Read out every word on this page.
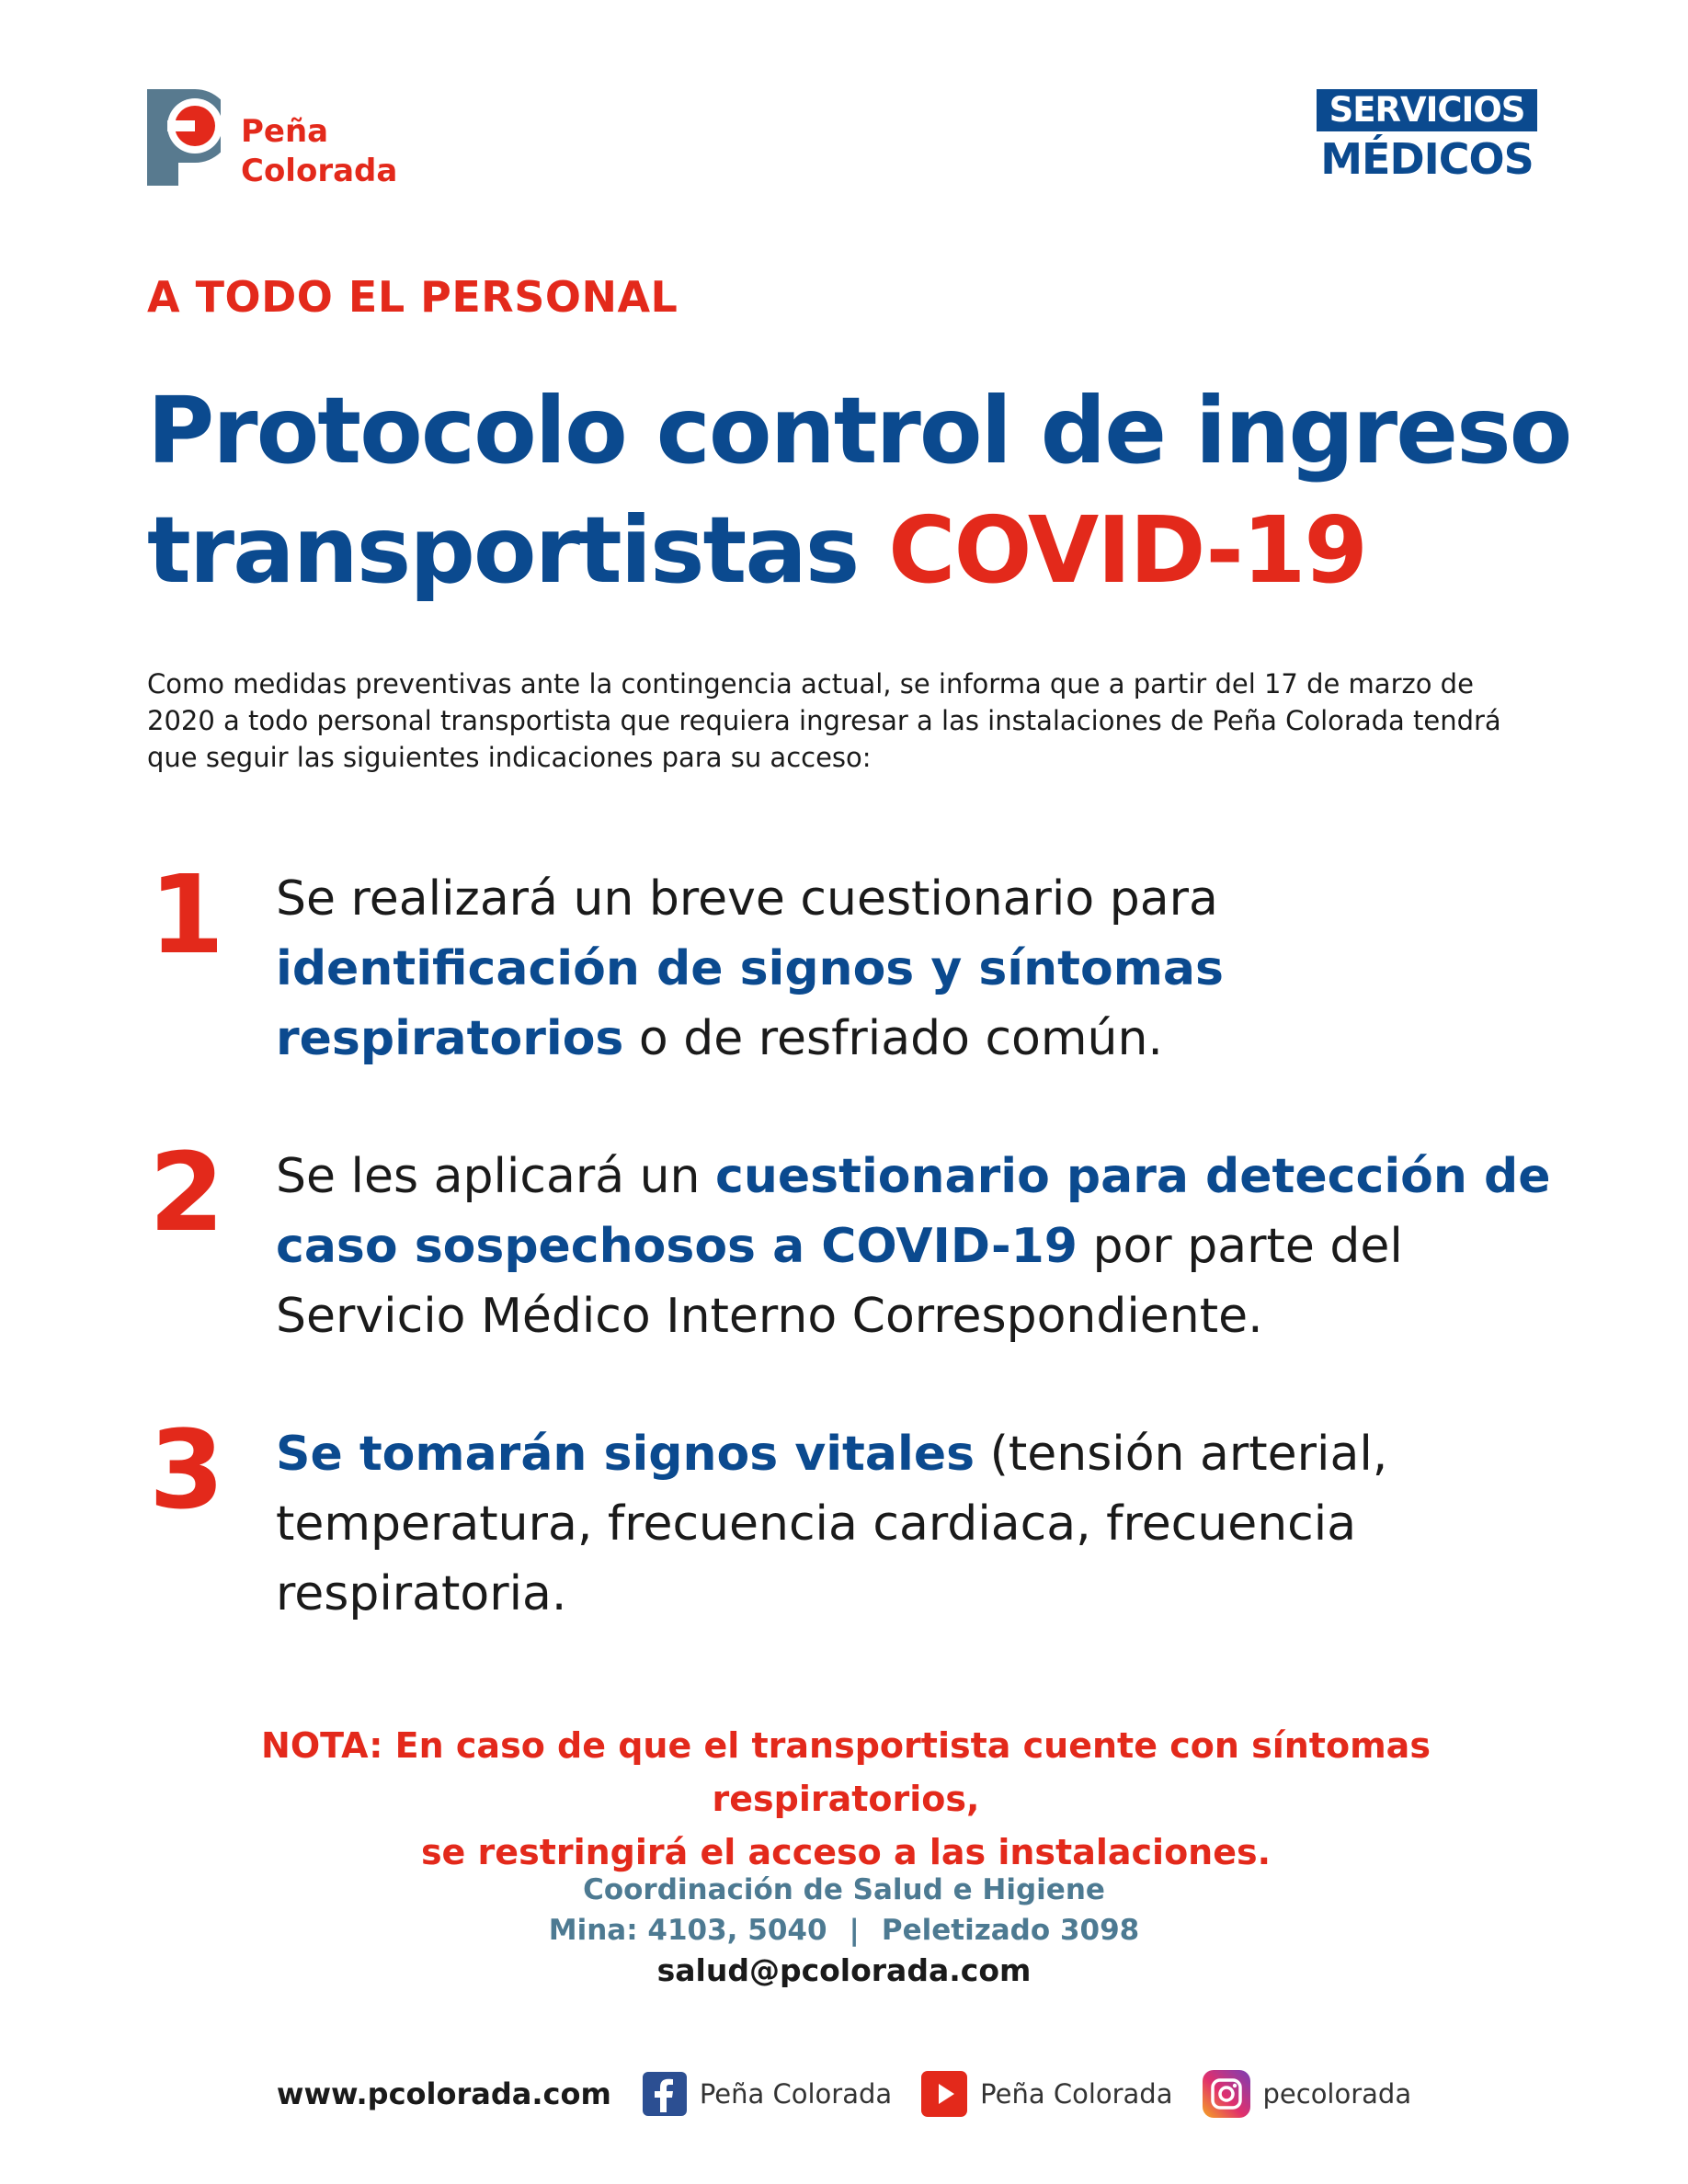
Peña
Colorada
SERVICIOS
MÉDICOS
A TODO EL PERSONAL
Protocolo control de ingreso
transportistas COVID-19
Como medidas preventivas ante la contingencia actual, se informa que a partir del 17 de marzo de 2020 a todo personal transportista que requiera ingresar a las instalaciones de Peña Colorada tendrá que seguir las siguientes indicaciones para su acceso:
1 Se realizará un breve cuestionario para identificación de signos y síntomas respiratorios o de resfriado común.
2 Se les aplicará un cuestionario para detección de caso sospechosos a COVID-19 por parte del Servicio Médico Interno Correspondiente.
3 Se tomarán signos vitales (tensión arterial, temperatura, frecuencia cardiaca, frecuencia respiratoria.
NOTA: En caso de que el transportista cuente con síntomas respiratorios,
se restringirá el acceso a las instalaciones.
Coordinación de Salud e Higiene
Mina: 4103, 5040 | Peletizado 3098
salud@pcolorada.com
www.pcolorada.com	Peña Colorada	Peña Colorada	pecolorada
